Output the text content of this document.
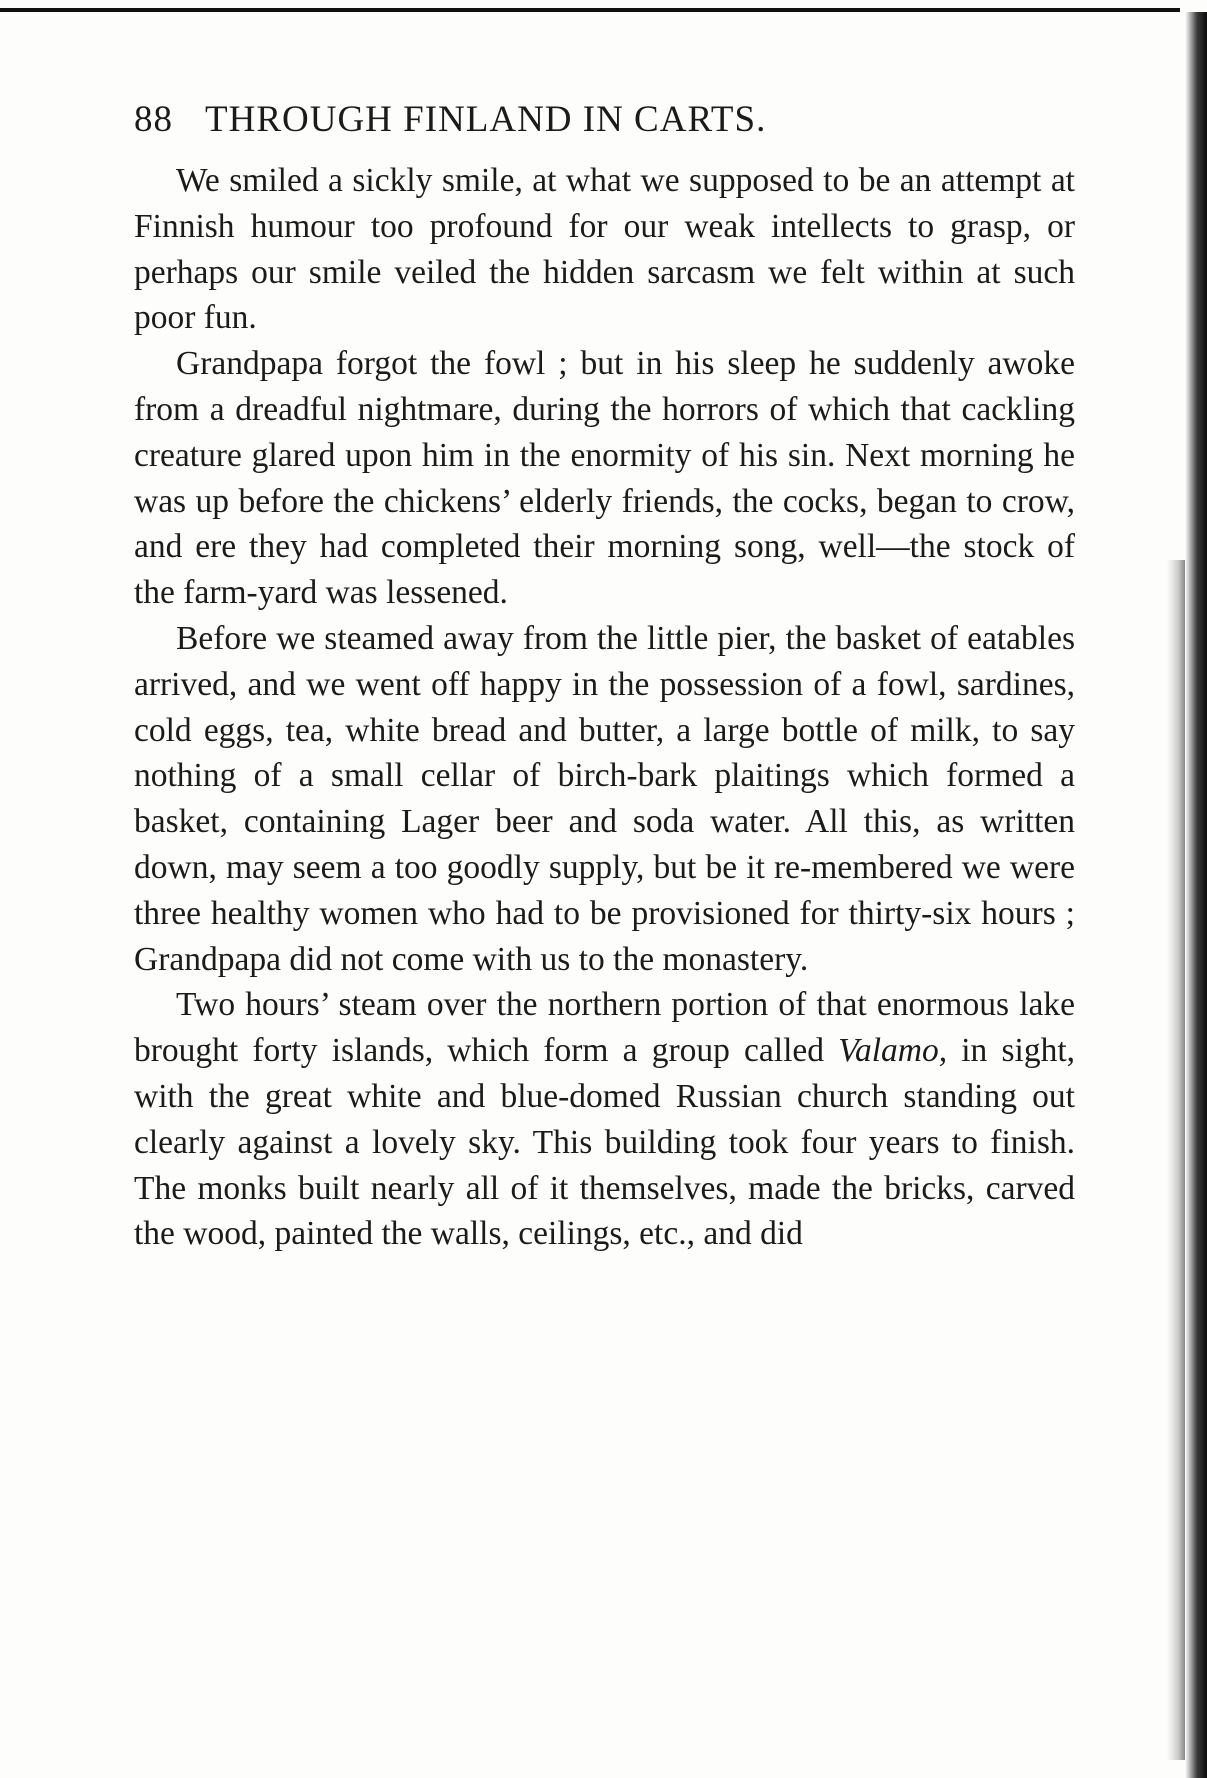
88 THROUGH FINLAND IN CARTS.

We smiled a sickly smile, at what we supposed to be an attempt at Finnish humour too profound for our weak intellects to grasp, or perhaps our smile veiled the hidden sarcasm we felt within at such poor fun.

Grandpapa forgot the fowl ; but in his sleep he suddenly awoke from a dreadful nightmare, during the horrors of which that cackling creature glared upon him in the enormity of his sin. Next morning he was up before the chickens’ elderly friends, the cocks, began to crow, and ere they had completed their morning song, well—the stock of the farm-yard was lessened.

Before we steamed away from the little pier, the basket of eatables arrived, and we went off happy in the possession of a fowl, sardines, cold eggs, tea, white bread and butter, a large bottle of milk, to say nothing of a small cellar of birch-bark plaitings which formed a basket, containing Lager beer and soda water. All this, as written down, may seem a too goodly supply, but be it re-membered we were three healthy women who had to be provisioned for thirty-six hours ; Grandpapa did not come with us to the monastery.

Two hours’ steam over the northern portion of that enormous lake brought forty islands, which form a group called Valamo, in sight, with the great white and blue-domed Russian church standing out clearly against a lovely sky. This building took four years to finish. The monks built nearly all of it themselves, made the bricks, carved the wood, painted the walls, ceilings, etc., and did
